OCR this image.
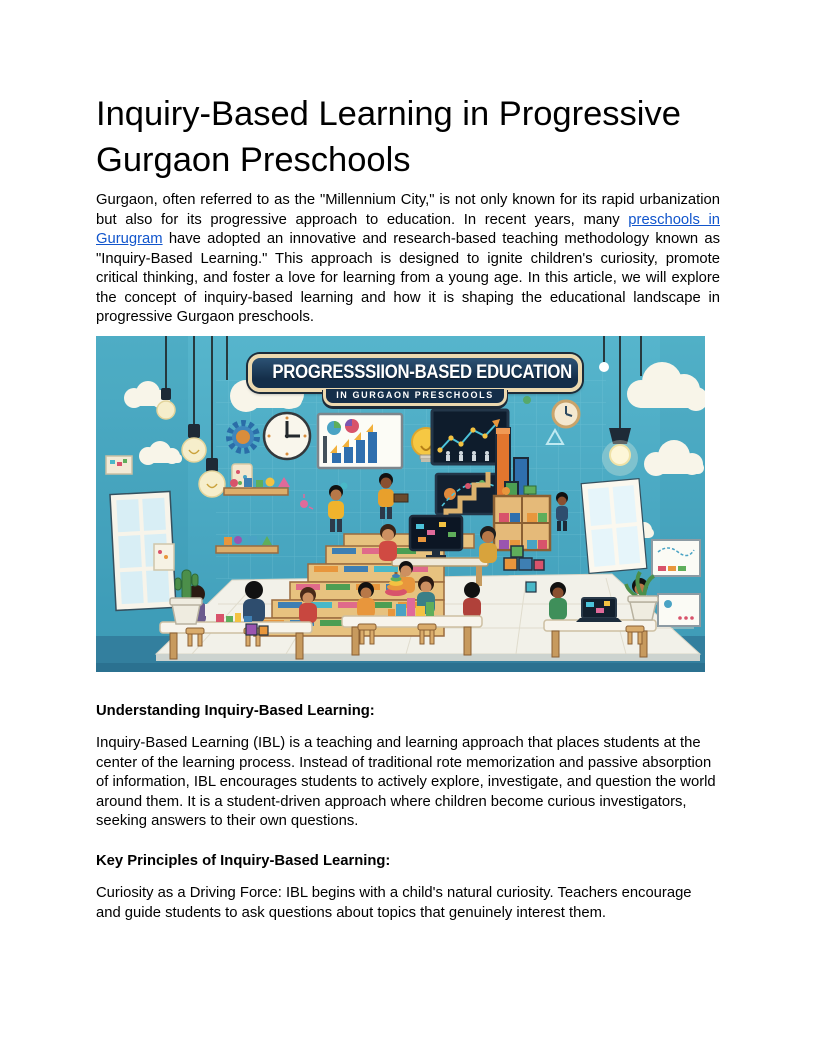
Inquiry-Based Learning in Progressive Gurgaon Preschools

Gurgaon, often referred to as the "Millennium City," is not only known for its rapid urbanization but also for its progressive approach to education. In recent years, many preschools in Gurugram have adopted an innovative and research-based teaching methodology known as "Inquiry-Based Learning." This approach is designed to ignite children's curiosity, promote critical thinking, and foster a love for learning from a young age. In this article, we will explore the concept of inquiry-based learning and how it is shaping the educational landscape in progressive Gurgaon preschools.

PROGRESSSIION-BASED EDUCATION
IN GURGAON PRESCHOOLS
Understanding Inquiry-Based Learning:

Inquiry-Based Learning (IBL) is a teaching and learning approach that places students at the center of the learning process. Instead of traditional rote memorization and passive absorption of information, IBL encourages students to actively explore, investigate, and question the world around them. It is a student-driven approach where children become curious investigators, seeking answers to their own questions.

Key Principles of Inquiry-Based Learning:

Curiosity as a Driving Force: IBL begins with a child's natural curiosity. Teachers encourage and guide students to ask questions about topics that genuinely interest them.
